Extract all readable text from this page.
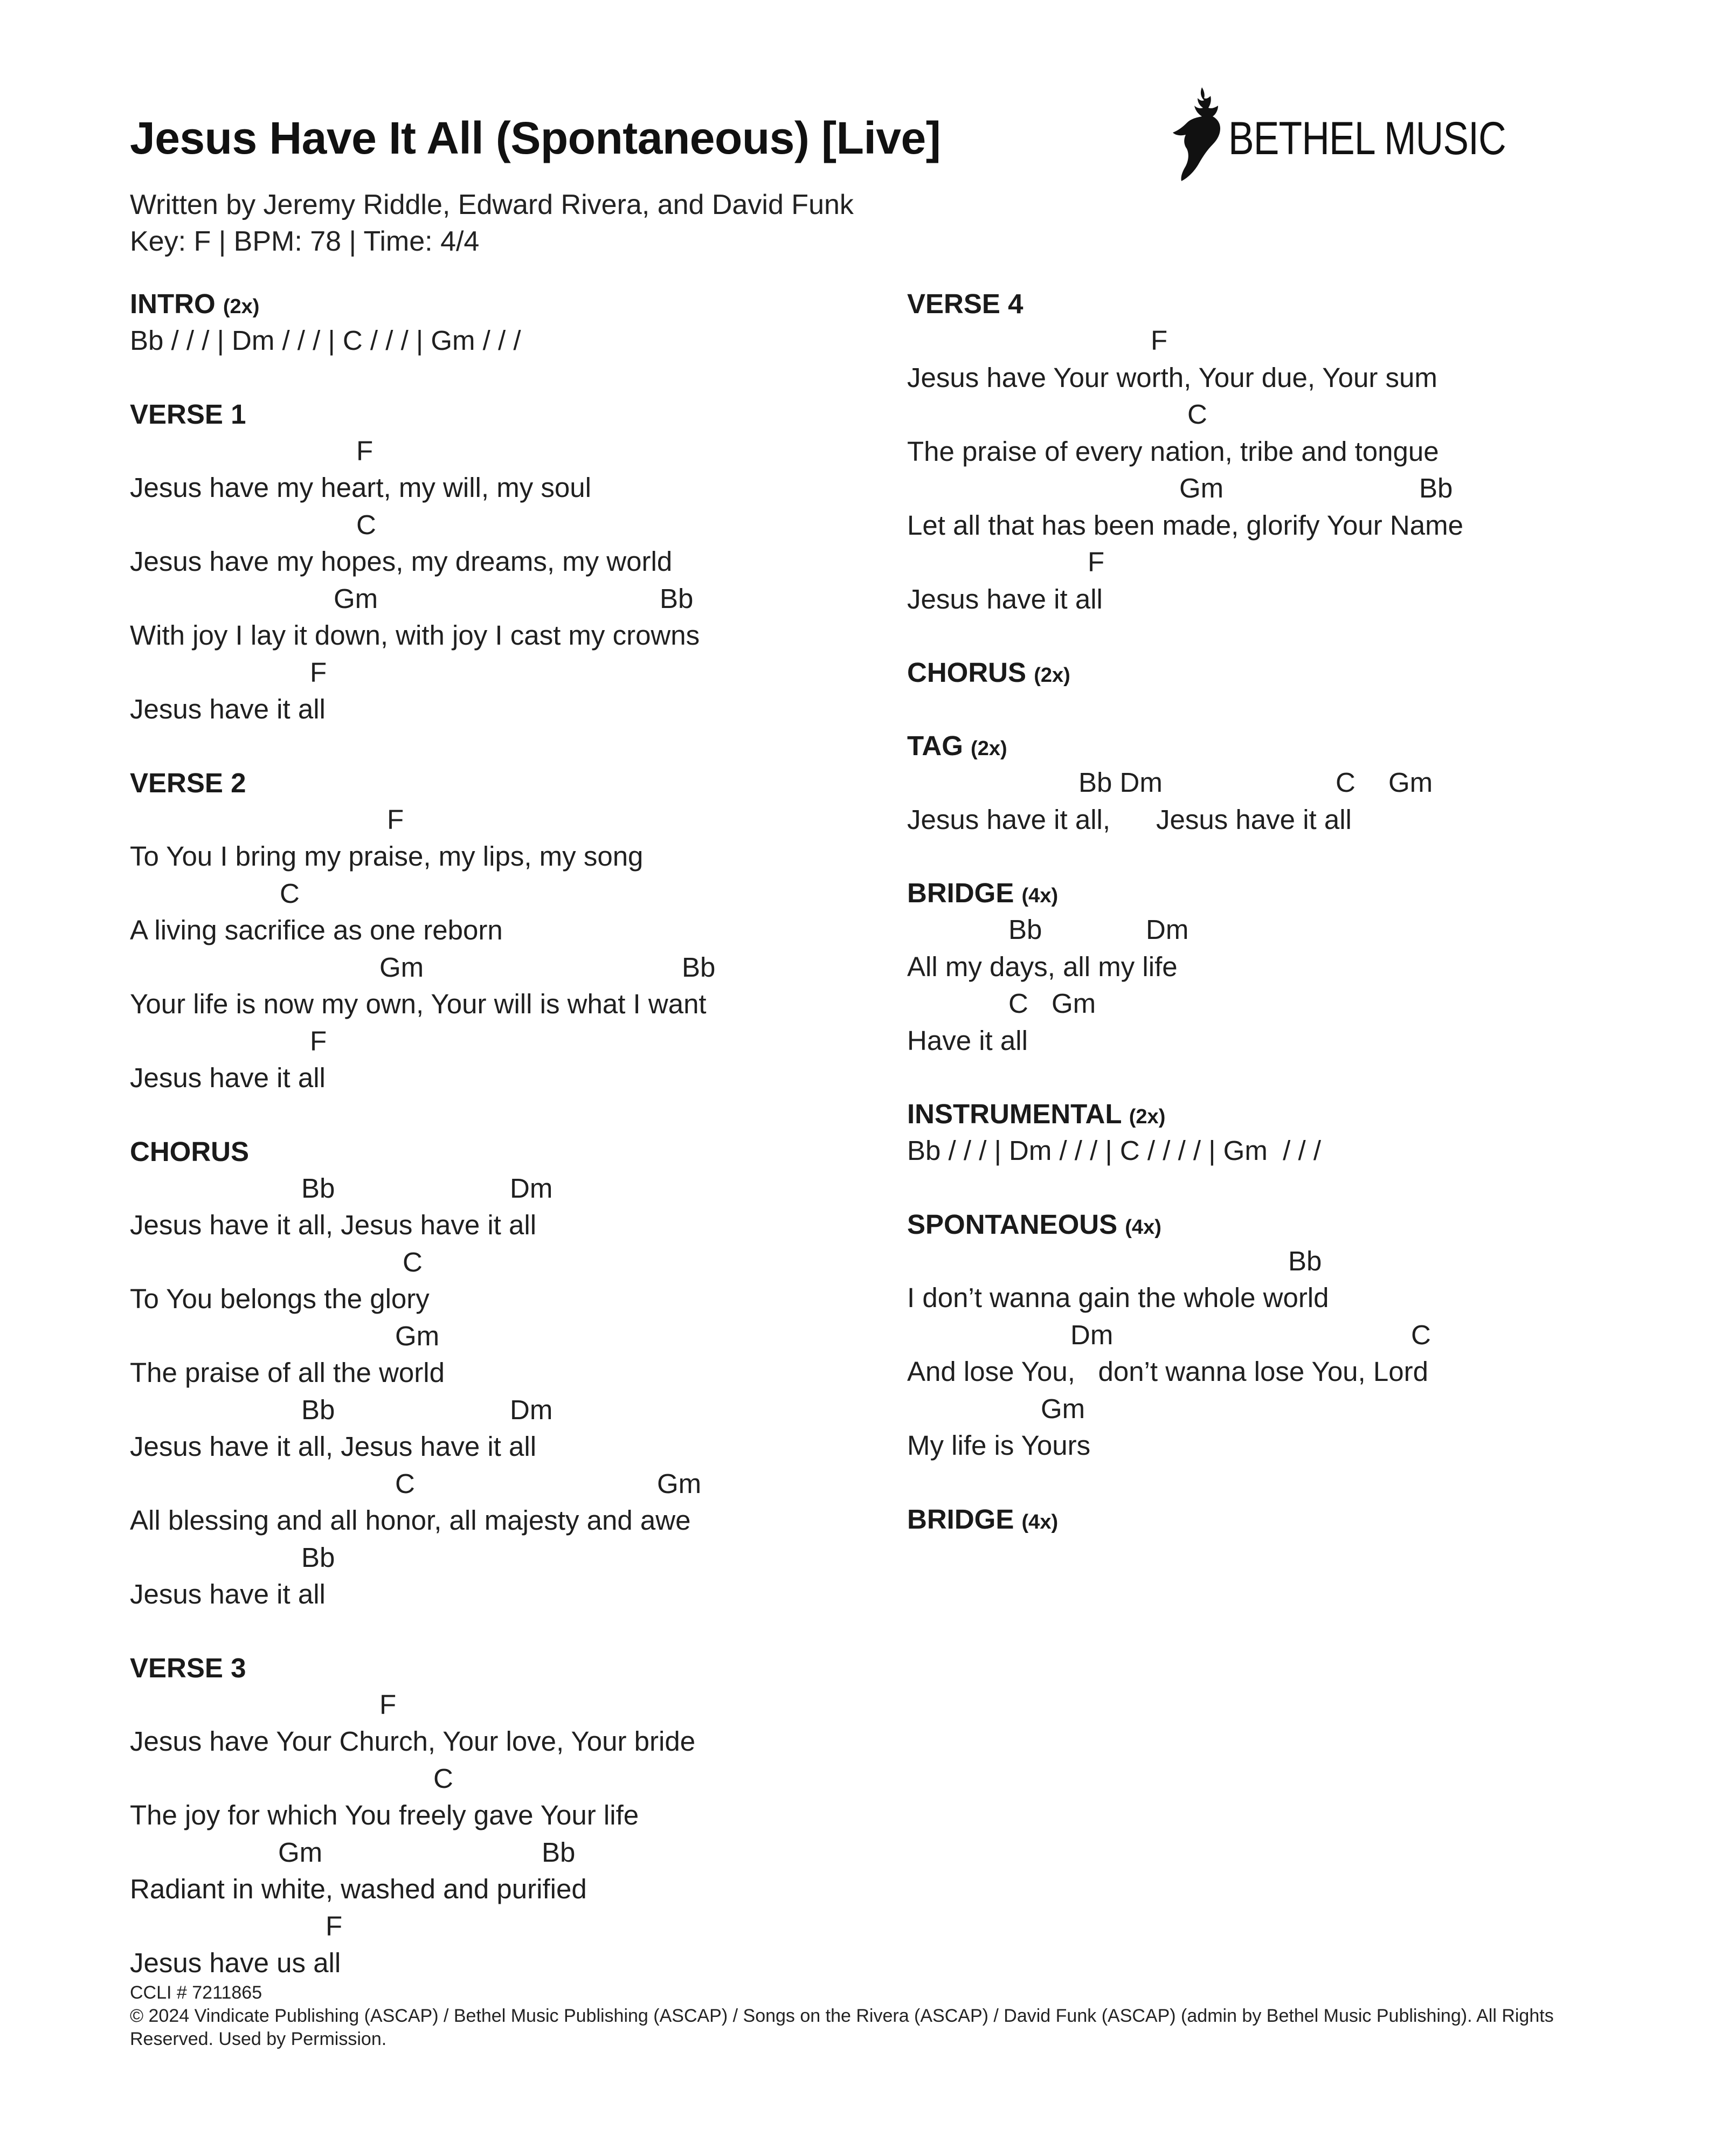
Jesus Have It All (Spontaneous) [Live]	BETHEL MUSIC
Written by Jeremy Riddle, Edward Rivera, and David Funk
Key: F | BPM: 78 | Time: 4/4
INTRO (2x)
Bb / / / | Dm / / / | C / / / | Gm / / /
VERSE 1
F
Jesus have my heart, my will, my soul
C
Jesus have my hopes, my dreams, my world
Gm	Bb
With joy I lay it down, with joy I cast my crowns
F
Jesus have it all
VERSE 2
F
To You I bring my praise, my lips, my song
C
A living sacrifice as one reborn
Gm	Bb
Your life is now my own, Your will is what I want
F
Jesus have it all
CHORUS
Bb	Dm
Jesus have it all, Jesus have it all
C
To You belongs the glory
Gm
The praise of all the world
Bb	Dm
Jesus have it all, Jesus have it all
C	Gm
All blessing and all honor, all majesty and awe
Bb
Jesus have it all
VERSE 3
F
Jesus have Your Church, Your love, Your bride
C
The joy for which You freely gave Your life
Gm	Bb
Radiant in white, washed and purified
F
Jesus have us all
VERSE 4
F
Jesus have Your worth, Your due, Your sum
C
The praise of every nation, tribe and tongue
Gm	Bb
Let all that has been made, glorify Your Name
F
Jesus have it all
CHORUS (2x)
TAG (2x)
Bb Dm	C Gm
Jesus have it all,      Jesus have it all
BRIDGE (4x)
Bb	Dm
All my days, all my life
C Gm
Have it all
INSTRUMENTAL (2x)
Bb / / / | Dm / / / | C / / / / | Gm  / / /
SPONTANEOUS (4x)
Bb
I don’t wanna gain the whole world
Dm	C
And lose You,   don’t wanna lose You, Lord
Gm
My life is Yours
BRIDGE (4x)
CCLI # 7211865
© 2024 Vindicate Publishing (ASCAP) / Bethel Music Publishing (ASCAP) / Songs on the Rivera (ASCAP) / David Funk (ASCAP) (admin by Bethel Music Publishing). All Rights Reserved. Used by Permission.
